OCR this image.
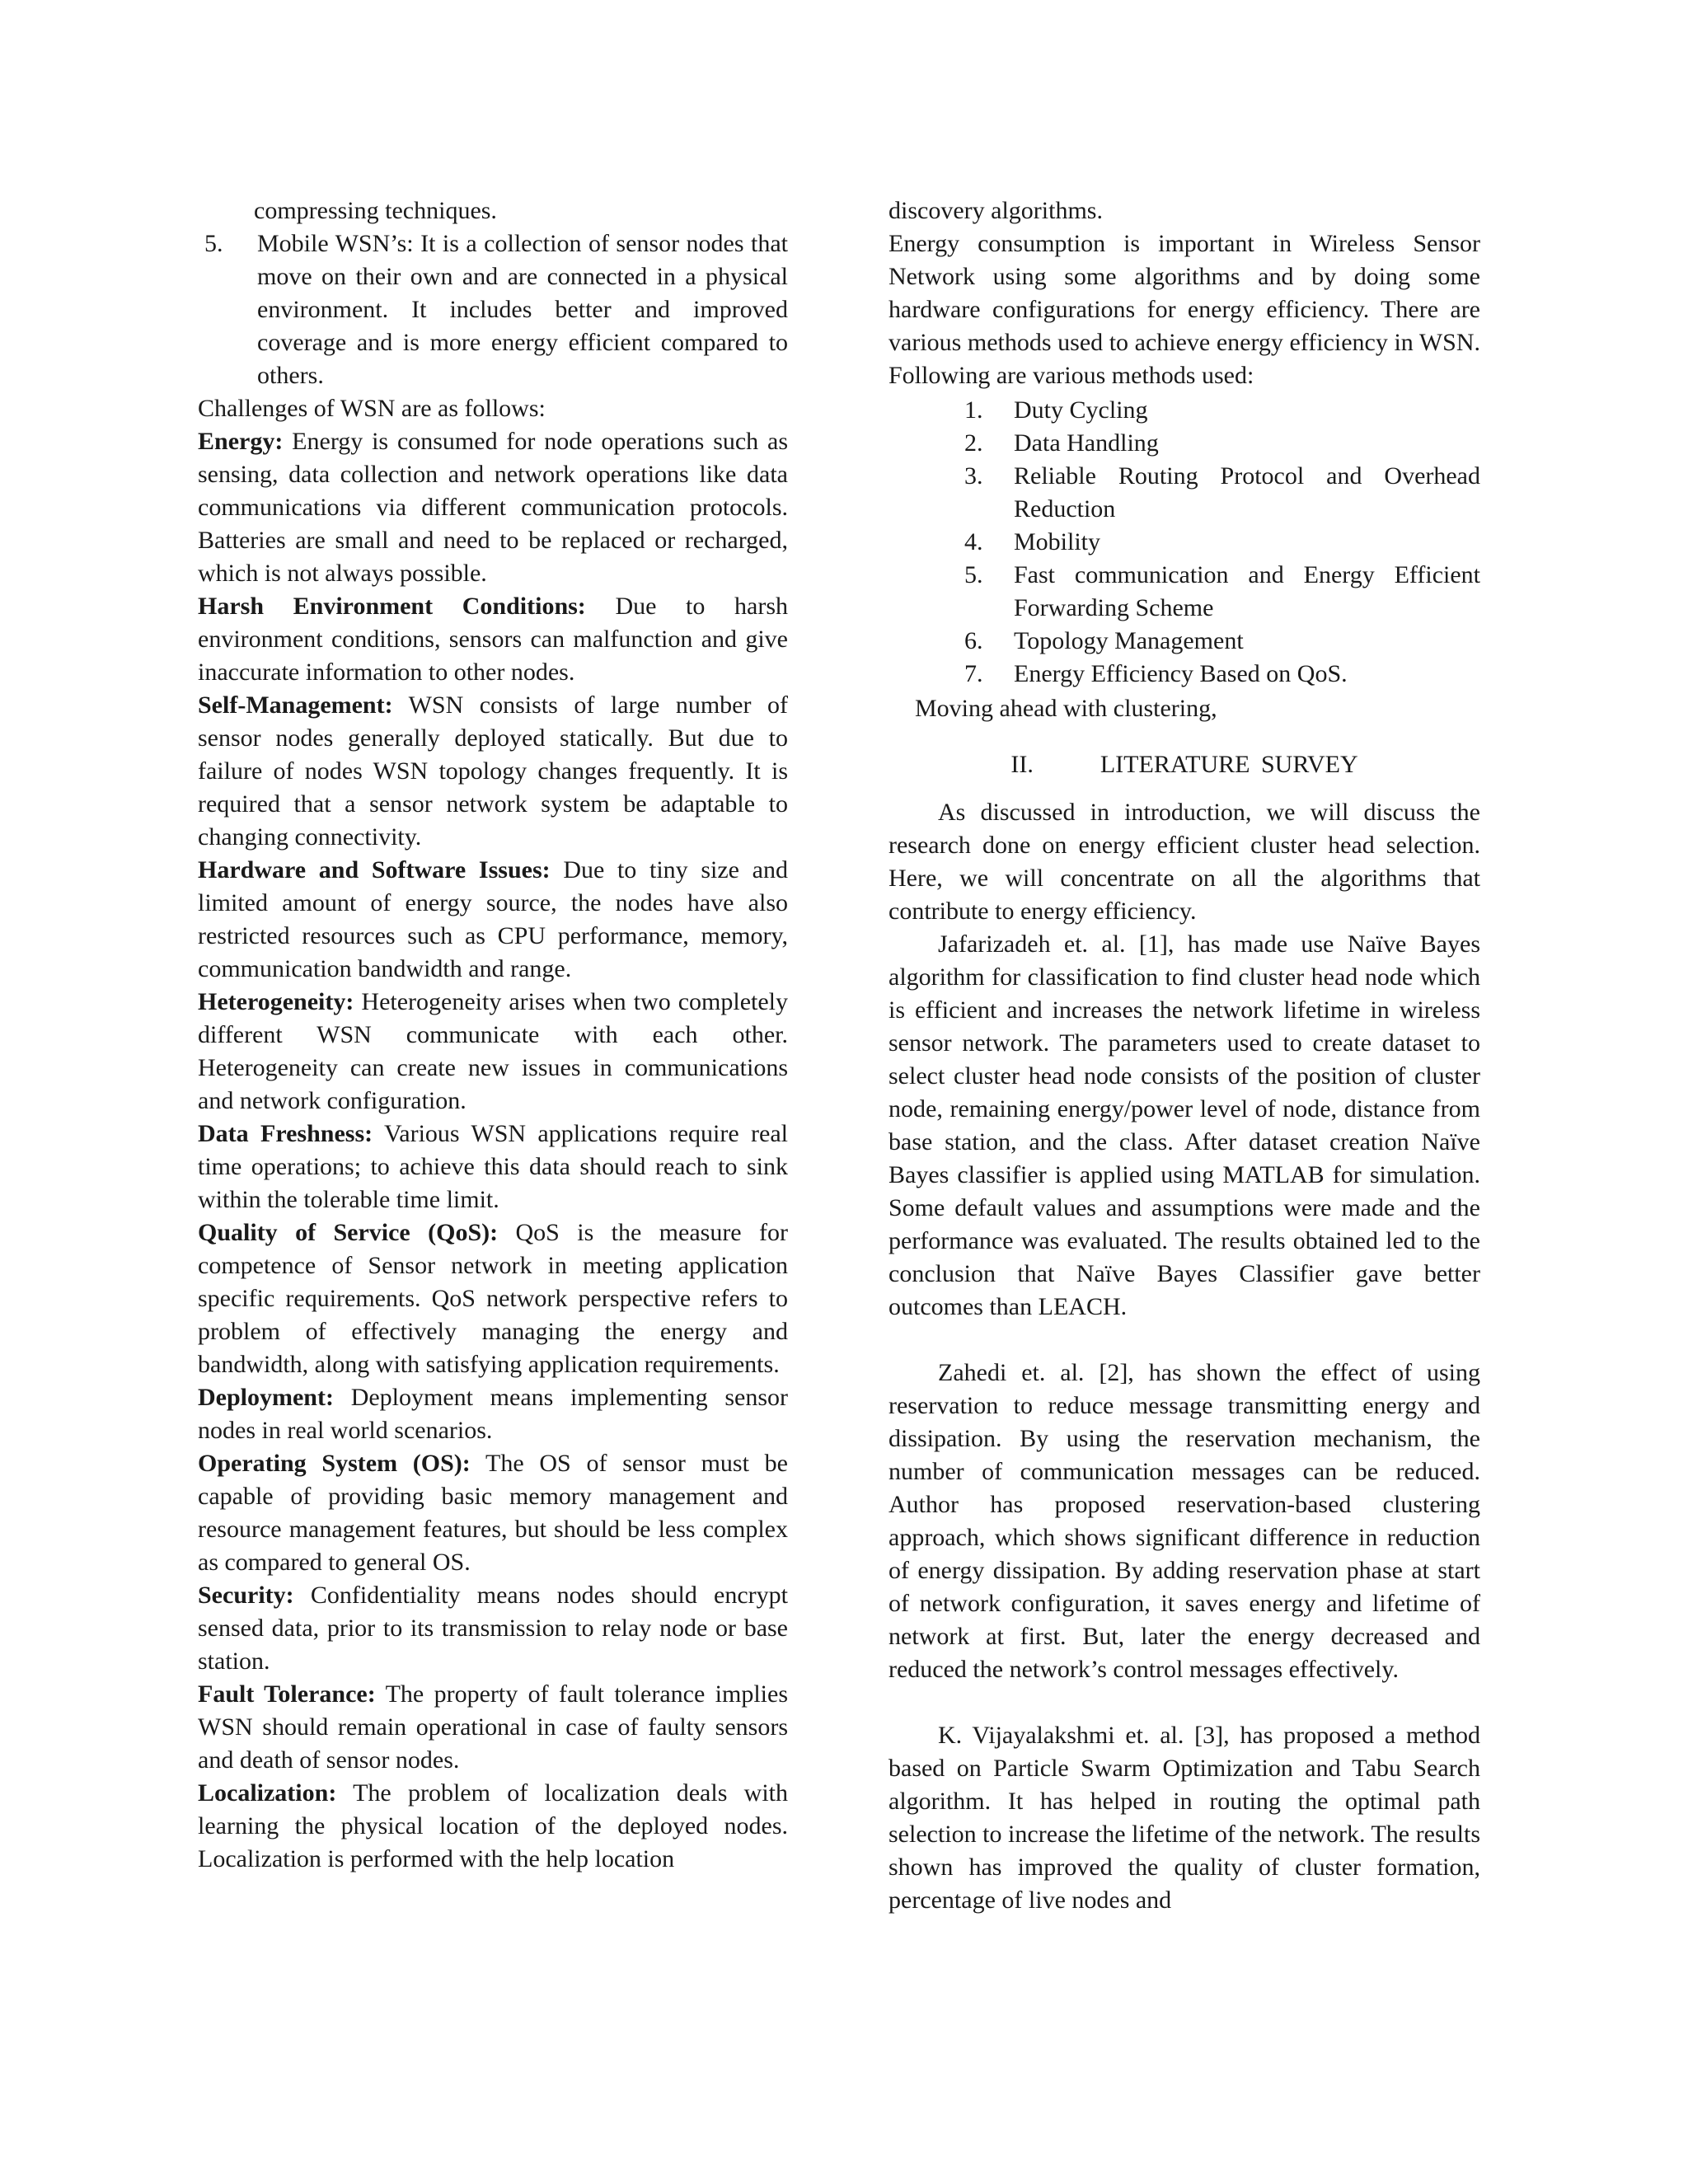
compressing techniques.

5.	Mobile WSN’s: It is a collection of sensor nodes that move on their own and are connected in a physical environment. It includes better and improved coverage and is more energy efficient compared to others.

Challenges of WSN are as follows:

Energy: Energy is consumed for node operations such as sensing, data collection and network operations like data communications via different communication protocols. Batteries are small and need to be replaced or recharged, which is not always possible.

Harsh Environment Conditions: Due to harsh environment conditions, sensors can malfunction and give inaccurate information to other nodes.

Self-Management: WSN consists of large number of sensor nodes generally deployed statically. But due to failure of nodes WSN topology changes frequently. It is required that a sensor network system be adaptable to changing connectivity.

Hardware and Software Issues: Due to tiny size and limited amount of energy source, the nodes have also restricted resources such as CPU performance, memory, communication bandwidth and range.

Heterogeneity: Heterogeneity arises when two completely different WSN communicate with each other. Heterogeneity can create new issues in communications and network configuration.

Data Freshness: Various WSN applications require real time operations; to achieve this data should reach to sink within the tolerable time limit.

Quality of Service (QoS): QoS is the measure for competence of Sensor network in meeting application specific requirements. QoS network perspective refers to problem of effectively managing the energy and bandwidth, along with satisfying application requirements.

Deployment: Deployment means implementing sensor nodes in real world scenarios.

Operating System (OS): The OS of sensor must be capable of providing basic memory management and resource management features, but should be less complex as compared to general OS.

Security: Confidentiality means nodes should encrypt sensed data, prior to its transmission to relay node or base station.

Fault Tolerance: The property of fault tolerance implies WSN should remain operational in case of faulty sensors and death of sensor nodes.

Localization: The problem of localization deals with learning the physical location of the deployed nodes. Localization is performed with the help location

discovery algorithms.

Energy consumption is important in Wireless Sensor Network using some algorithms and by doing some hardware configurations for energy efficiency. There are various methods used to achieve energy efficiency in WSN. Following are various methods used:

1.	Duty Cycling
2.	Data Handling
3.	Reliable Routing Protocol and Overhead Reduction
4.	Mobility
5.	Fast communication and Energy Efficient Forwarding Scheme
6.	Topology Management
7.	Energy Efficiency Based on QoS.

Moving ahead with clustering,

II.      LITERATURE SURVEY

As discussed in introduction, we will discuss the research done on energy efficient cluster head selection. Here, we will concentrate on all the algorithms that contribute to energy efficiency.

Jafarizadeh et. al. [1], has made use Naïve Bayes algorithm for classification to find cluster head node which is efficient and increases the network lifetime in wireless sensor network. The parameters used to create dataset to select cluster head node consists of the position of cluster node, remaining energy/power level of node, distance from base station, and the class. After dataset creation Naïve Bayes classifier is applied using MATLAB for simulation. Some default values and assumptions were made and the performance was evaluated. The results obtained led to the conclusion that Naïve Bayes Classifier gave better outcomes than LEACH.

Zahedi et. al. [2], has shown the effect of using reservation to reduce message transmitting energy and dissipation. By using the reservation mechanism, the number of communication messages can be reduced. Author has proposed reservation-based clustering approach, which shows significant difference in reduction of energy dissipation. By adding reservation phase at start of network configuration, it saves energy and lifetime of network at first. But, later the energy decreased and reduced the network’s control messages effectively.

K. Vijayalakshmi et. al. [3], has proposed a method based on Particle Swarm Optimization and Tabu Search algorithm. It has helped in routing the optimal path selection to increase the lifetime of the network. The results shown has improved the quality of cluster formation, percentage of live nodes and
